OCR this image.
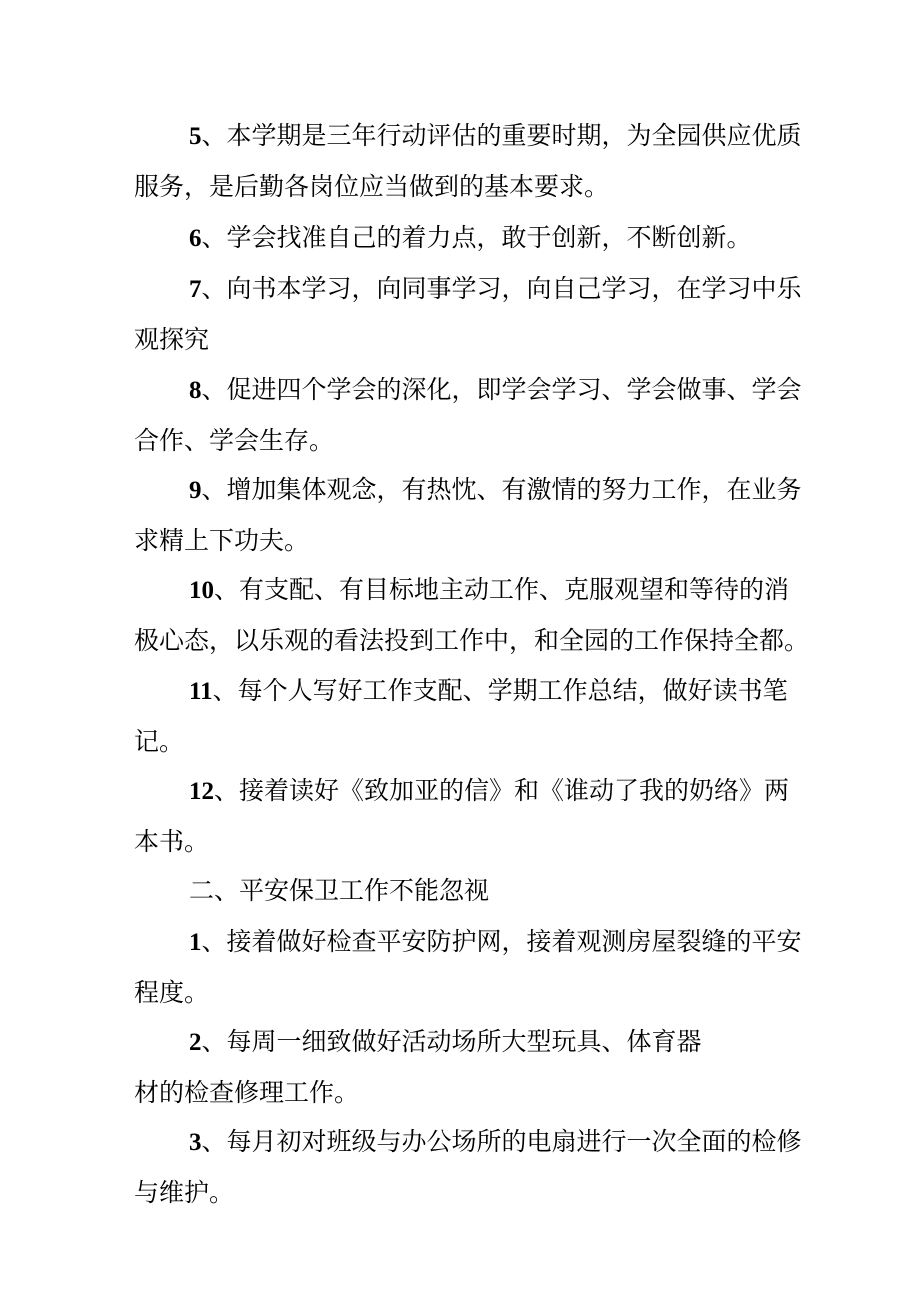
5、本学期是三年行动评估的重要时期，为全园供应优质
服务，是后勤各岗位应当做到的基本要求。

6、学会找准自己的着力点，敢于创新，不断创新。

7、向书本学习，向同事学习，向自己学习，在学习中乐
观探究

8、促进四个学会的深化，即学会学习、学会做事、学会
合作、学会生存。

9、增加集体观念，有热忱、有激情的努力工作，在业务
求精上下功夫。

10、有支配、有目标地主动工作、克服观望和等待的消
极心态，以乐观的看法投到工作中，和全园的工作保持全都。

11、每个人写好工作支配、学期工作总结，做好读书笔
记。

12、接着读好《致加亚的信》和《谁动了我的奶络》两
本书。

二、平安保卫工作不能忽视

1、接着做好检查平安防护网，接着观测房屋裂缝的平安
程度。

2、每周一细致做好活动场所大型玩具、体育器
材的检查修理工作。

3、每月初对班级与办公场所的电扇进行一次全面的检修
与维护。
